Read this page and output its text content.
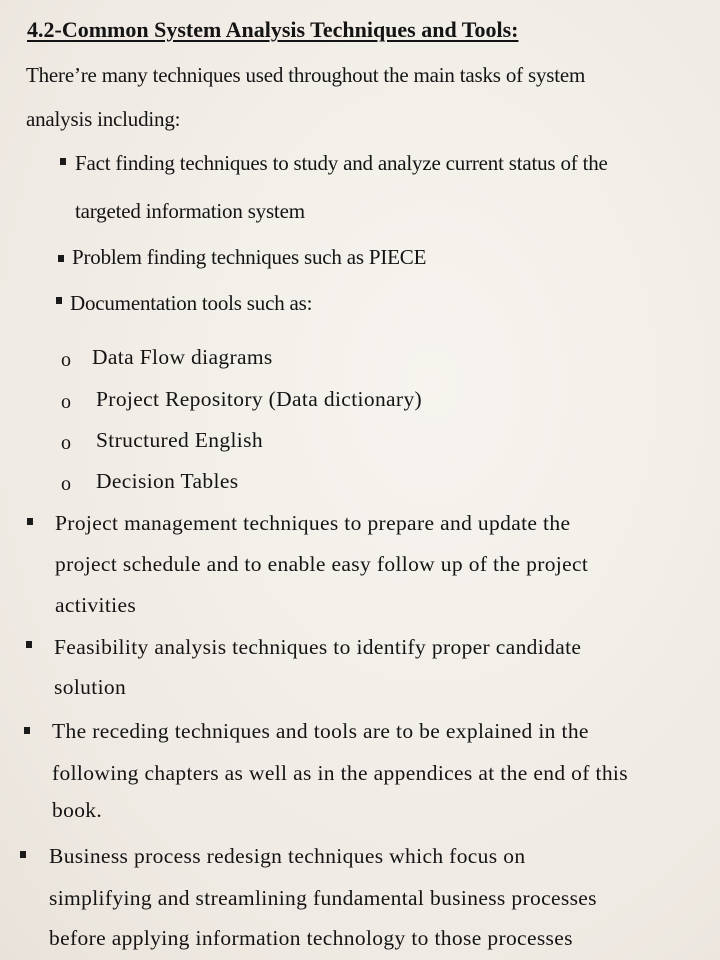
4.2-Common System Analysis Techniques and Tools:
There’re many techniques used throughout the main tasks of system
analysis including:
Fact finding techniques to study and analyze current status of the
targeted information system
Problem finding techniques such as PIECE
Documentation tools such as:
o Data Flow diagrams
o Project Repository (Data dictionary)
o Structured English
o Decision Tables
Project management techniques to prepare and update the
project schedule and to enable easy follow up of the project
activities
Feasibility analysis techniques to identify proper candidate
solution
The receding techniques and tools are to be explained in the
following chapters as well as in the appendices at the end of this
book.
Business process redesign techniques which focus on
simplifying and streamlining fundamental business processes
before applying information technology to those processes
